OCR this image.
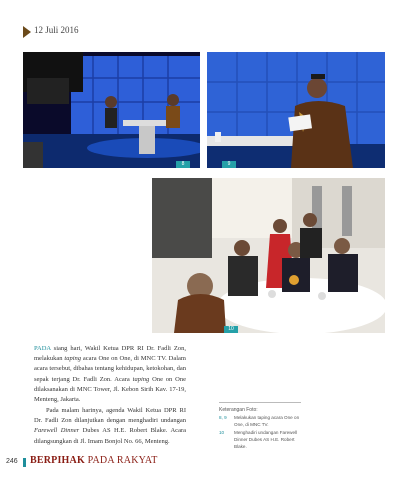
12 Juli 2016
8	9
10
PADA siang hari, Wakil Ketua DPR RI Dr. Fadli Zon, melakukan taping acara One on One, di MNC TV. Dalam acara tersebut, dibahas tentang kehidupan, ketokohan, dan sepak terjang Dr. Fadli Zon. Acara taping One on One dilaksanakan di MNC Tower, Jl. Kebon Sirih Kav. 17-19, Menteng, Jakarta.
Pada malam harinya, agenda Wakil Ketua DPR RI Dr. Fadli Zon dilanjutkan dengan menghadiri undangan Farewell Dinner Dubes AS H.E. Robert Blake. Acara dilangsungkan di Jl. Imam Bonjol No. 66, Menteng.
Keterangan Foto:
8, 9 Melakukan taping acara One on One, di MNC TV.
10 Menghadiri undangan Farewell Dinner Dubes AS H.E. Robert Blake.
246 BERPIHAK PADA RAKYAT
